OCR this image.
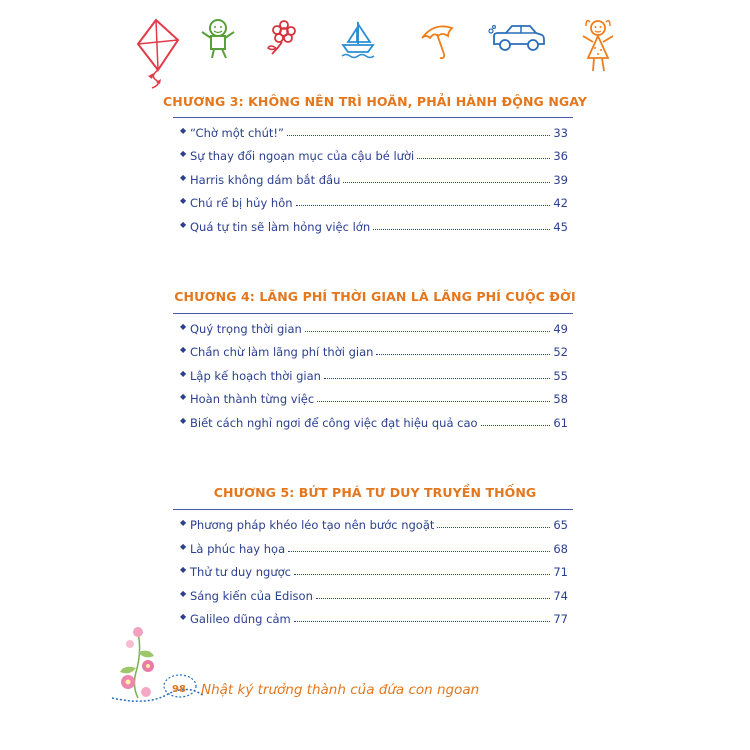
CHƯƠNG 3: KHÔNG NÊN TRÌ HOÃN, PHẢI HÀNH ĐỘNG NGAY
◆ “Chờ một chút!”	33
◆ Sự thay đổi ngoạn mục của cậu bé lười	36
◆ Harris không dám bắt đầu	39
◆ Chú rể bị hủy hôn	42
◆ Quá tự tin sẽ làm hỏng việc lớn	45
CHƯƠNG 4: LÃNG PHÍ THỜI GIAN LÀ LÃNG PHÍ CUỘC ĐỜI
◆ Quý trọng thời gian	49
◆ Chần chừ làm lãng phí thời gian	52
◆ Lập kế hoạch thời gian	55
◆ Hoàn thành từng việc	58
◆ Biết cách nghỉ ngơi để công việc đạt hiệu quả cao	61
CHƯƠNG 5: BỨT PHÁ TƯ DUY TRUYỀN THỐNG
◆ Phương pháp khéo léo tạo nên bước ngoặt	65
◆ Là phúc hay họa	68
◆ Thử tư duy ngược	71
◆ Sáng kiến của Edison	74
◆ Galileo dũng cảm	77
98 Nhật ký trưởng thành của đứa con ngoan
